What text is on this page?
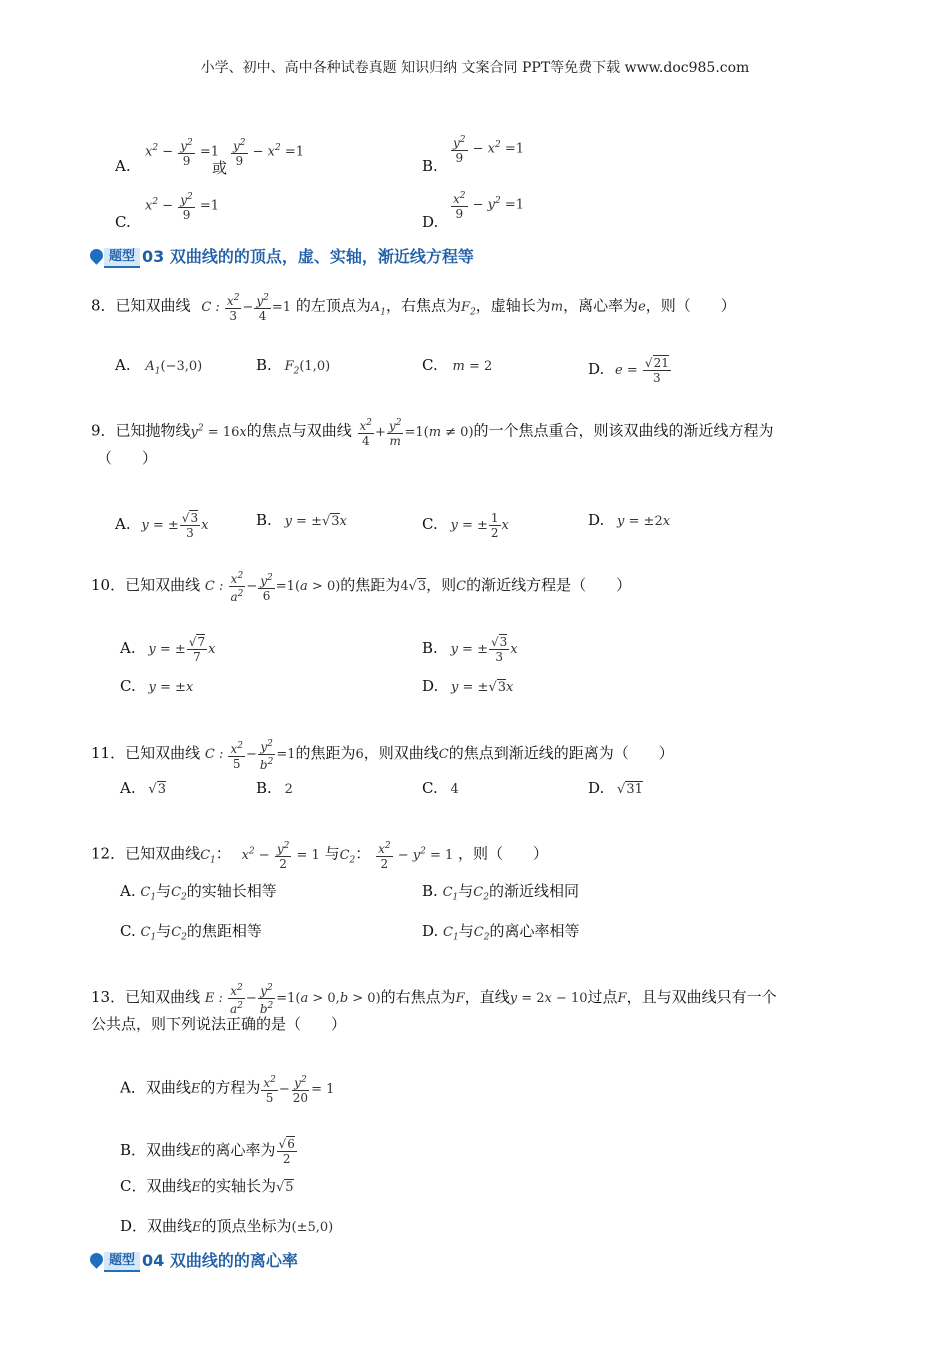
小学、初中、高中各种试卷真题 知识归纳 文案合同 PPT等免费下载 www.doc985.com
A.
$x^2 - \frac{y^2}{9} =1$
或 $\frac{y^2}{9} - x^2 =1$
B.
$\frac{y^2}{9} - x^2 =1$
C.
$x^2 - \frac{y^2}{9} =1$
D.
$\frac{x^2}{9} - y^2 =1$
题型 03 双曲线的的顶点，虚、实轴，渐近线方程等
8．已知双曲线 C : $\frac{x^2}{3} - \frac{y^2}{4} =1$ 的左顶点为$A_1$，右焦点为$F_2$，虚轴长为m，离心率为e，则（　　）
A. $A_1(-3,0)$	B. $F_2(1,0)$	C. m = 2	D. $e = \frac{√21}{3}$
9．已知抛物线$y^2 = 16x$的焦点与双曲线 $\frac{x^2}{4} + \frac{y^2}{m} =1(m \ne 0)$的一个焦点重合，则该双曲线的渐近线方程为
（　　）
A. y = ± $\frac{√3}{3}$ x	B. y = ±√3x	C. y = ± $\frac{1}{2}$ x	D. y = ±2x
10．已知双曲线 C : $\frac{x^2}{a^2} - \frac{y^2}{6} =1(a > 0)$的焦距为4√3，则C的渐近线方程是（　　）
A. y = ± $\frac{√7}{7}$ x	B. y = ± $\frac{√3}{3}$ x
C. y = ±x	D. y = ±√3x
11．已知双曲线 C : $\frac{x^2}{5} - \frac{y^2}{b^2} =1$的焦距为6，则双曲线C的焦点到渐近线的距离为（　　）
A. √3	B. 2	C. 4	D. √31
12．已知双曲线$C_1$： $x^2 - \frac{y^2}{2} = 1$ 与$C_2$： $\frac{x^2}{2} - y^2 = 1$ ，则（　　）
A. $C_1$与$C_2$的实轴长相等	B. $C_1$与$C_2$的渐近线相同
C. $C_1$与$C_2$的焦距相等	D. $C_1$与$C_2$的离心率相等
13．已知双曲线 E : $\frac{x^2}{a^2} - \frac{y^2}{b^2} =1(a > 0,b > 0)$的右焦点为F，直线y = 2x − 10过点F，且与双曲线只有一个
公共点，则下列说法正确的是（　　）
A．双曲线E的方程为 $\frac{x^2}{5} - \frac{y^2}{20} = 1$
B．双曲线E的离心率为 $\frac{√6}{2}$
C．双曲线E的实轴长为√5
D．双曲线E的顶点坐标为(±5,0)
题型 04 双曲线的的离心率
